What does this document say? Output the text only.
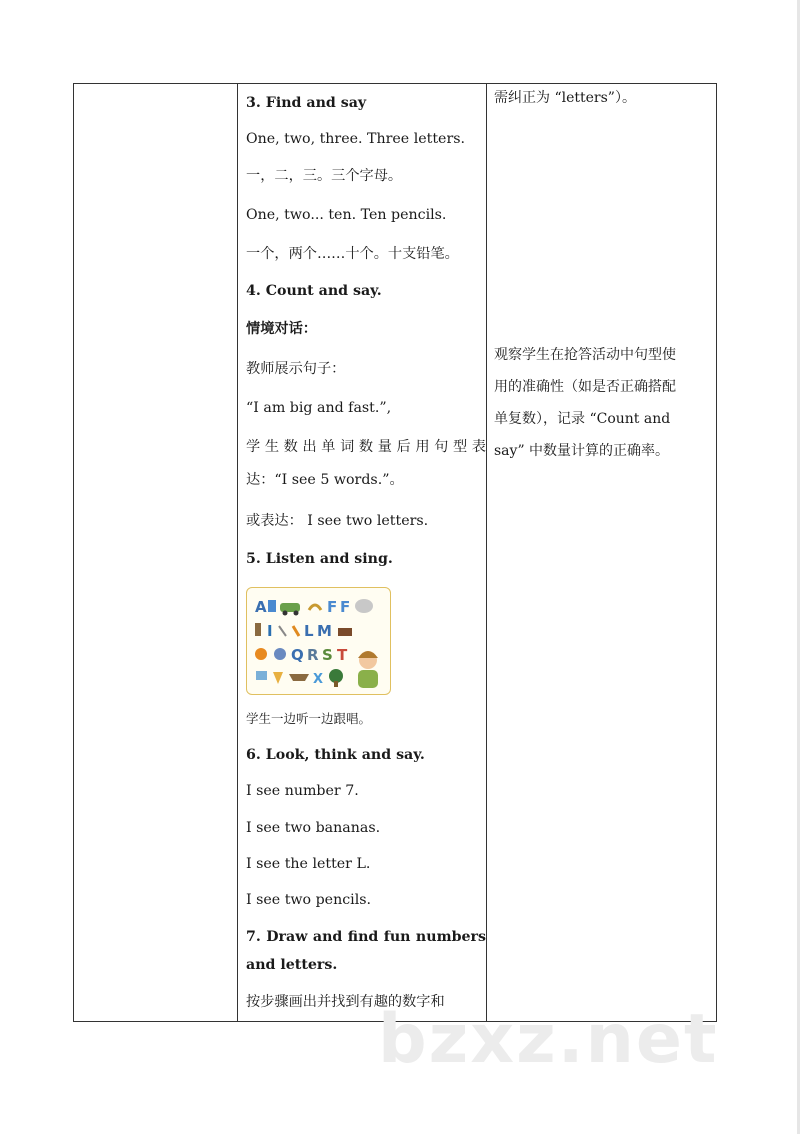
3. Find and say
One, two, three. Three letters.
一，二，三。三个字母。
One, two... ten. Ten pencils.
一个，两个……十个。十支铅笔。
4. Count and say.
情境对话：
教师展示句子：
“I am big and fast.”,
学生数出单词数量后用句型表
达：“I see 5 words.”。
或表达： I see two letters.
5. Listen and sing.
A	F F
I L M
Q R S T
X
学生一边听一边跟唱。
6. Look, think and say.
I see number 7.
I see two bananas.
I see the letter L.
I see two pencils.
7. Draw and find fun numbers
and letters.
按步骤画出并找到有趣的数字和
需纠正为 “letters”）。
观察学生在抢答活动中句型使
用的准确性（如是否正确搭配
单复数），记录 “Count and
say” 中数量计算的正确率。
bzxz.net
